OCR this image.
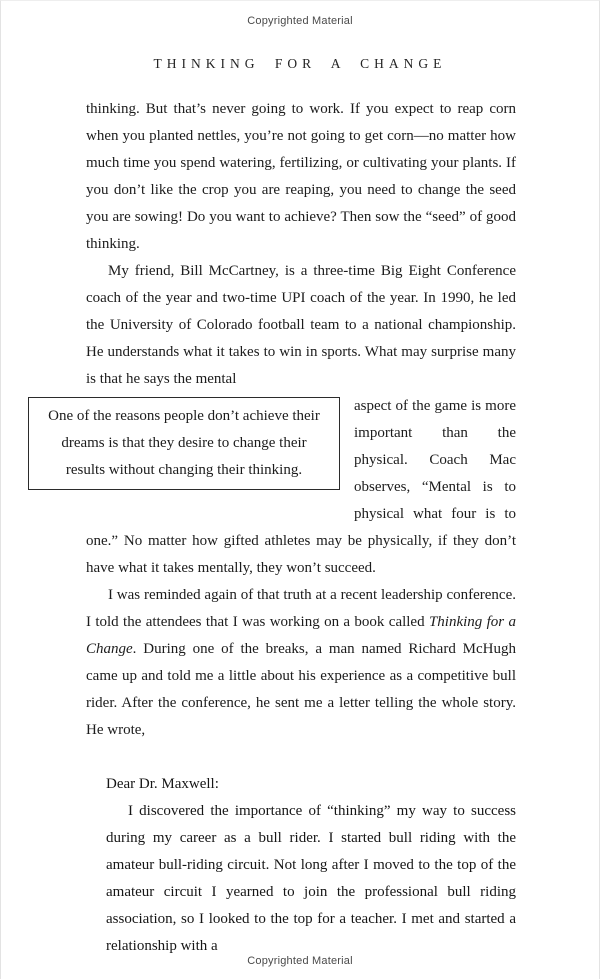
Copyrighted Material
THINKING FOR A CHANGE

thinking. But that’s never going to work. If you expect to reap corn when you planted nettles, you’re not going to get corn—no matter how much time you spend watering, fertilizing, or cultivating your plants. If you don’t like the crop you are reaping, you need to change the seed you are sowing! Do you want to achieve? Then sow the “seed” of good thinking.

My friend, Bill McCartney, is a three-time Big Eight Conference coach of the year and two-time UPI coach of the year. In 1990, he led the University of Colorado football team to a national championship. He understands what it takes to win in sports. What may surprise many is that he says the mental

One of the reasons people don’t achieve their dreams is that they desire to change their results without changing their thinking.
aspect of the game is more important than the physical. Coach Mac observes, “Mental is to physical what four is to one.” No matter how gifted athletes may be physically, if they don’t have what it takes mentally, they won’t succeed.

I was reminded again of that truth at a recent leadership conference. I told the attendees that I was working on a book called Thinking for a Change. During one of the breaks, a man named Richard McHugh came up and told me a little about his experience as a competitive bull rider. After the conference, he sent me a letter telling the whole story. He wrote,

Dear Dr. Maxwell:

I discovered the importance of “thinking” my way to success during my career as a bull rider. I started bull riding with the amateur bull-riding circuit. Not long after I moved to the top of the amateur circuit I yearned to join the professional bull riding association, so I looked to the top for a teacher. I met and started a relationship with a

Copyrighted Material
